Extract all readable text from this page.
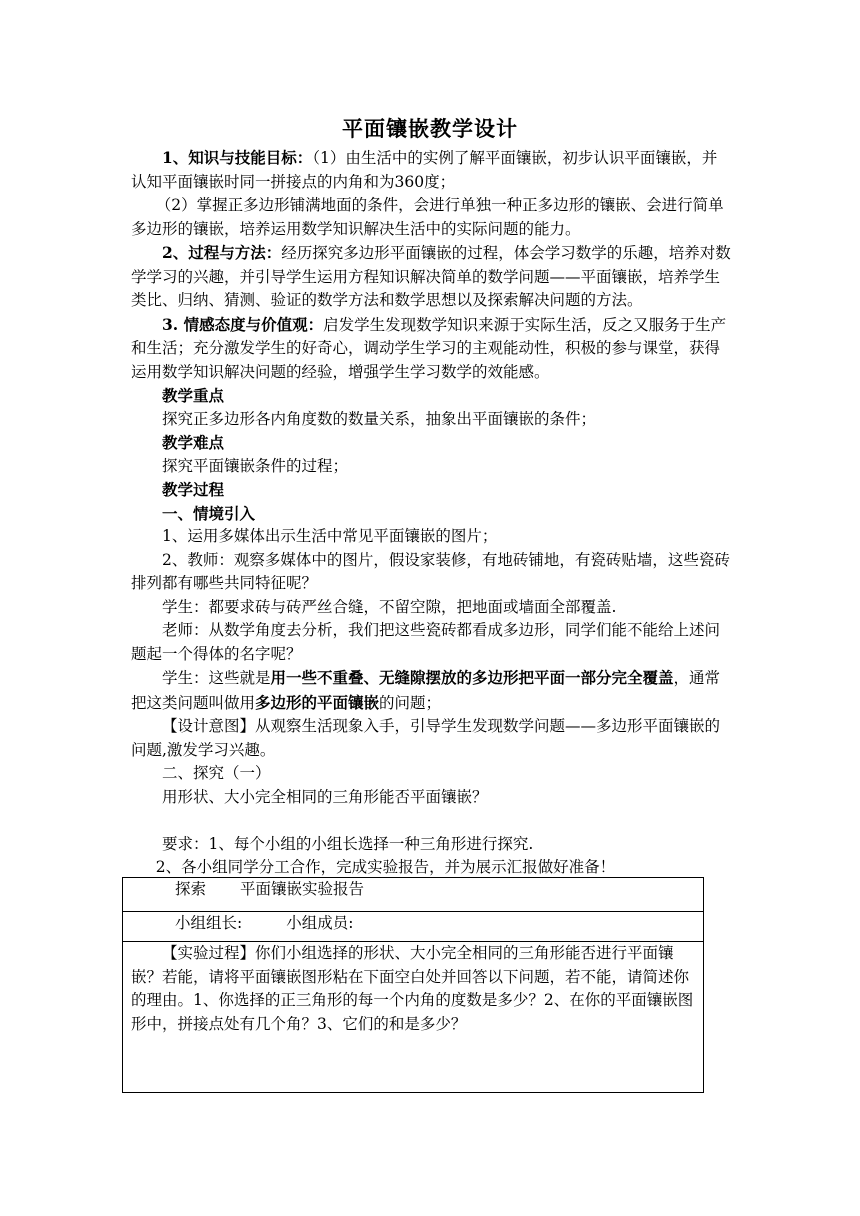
平面镶嵌教学设计

1、知识与技能目标：（1）由生活中的实例了解平面镶嵌，初步认识平面镶嵌，并认知平面镶嵌时同一拼接点的内角和为360度；

（2）掌握正多边形铺满地面的条件，会进行单独一种正多边形的镶嵌、会进行简单多边形的镶嵌，培养运用数学知识解决生活中的实际问题的能力。

2、过程与方法：经历探究多边形平面镶嵌的过程，体会学习数学的乐趣，培养对数学学习的兴趣，并引导学生运用方程知识解决简单的数学问题——平面镶嵌，培养学生类比、归纳、猜测、验证的数学方法和数学思想以及探索解决问题的方法。

3. 情感态度与价值观：启发学生发现数学知识来源于实际生活，反之又服务于生产和生活；充分激发学生的好奇心，调动学生学习的主观能动性，积极的参与课堂，获得运用数学知识解决问题的经验，增强学生学习数学的效能感。

教学重点

探究正多边形各内角度数的数量关系，抽象出平面镶嵌的条件；

教学难点

探究平面镶嵌条件的过程；

教学过程

一、情境引入

1、运用多媒体出示生活中常见平面镶嵌的图片；

2、教师：观察多媒体中的图片，假设家装修，有地砖铺地，有瓷砖贴墙，这些瓷砖排列都有哪些共同特征呢？

学生：都要求砖与砖严丝合缝，不留空隙，把地面或墙面全部覆盖.

老师：从数学角度去分析，我们把这些瓷砖都看成多边形，同学们能不能给上述问题起一个得体的名字呢？

学生：这些就是用一些不重叠、无缝隙摆放的多边形把平面一部分完全覆盖，通常把这类问题叫做用多边形的平面镶嵌的问题；

【设计意图】从观察生活现象入手，引导学生发现数学问题——多边形平面镶嵌的问题,激发学习兴趣。

二、探究（一）

用形状、大小完全相同的三角形能否平面镶嵌？

要求：1、每个小组的小组长选择一种三角形进行探究.

2、各小组同学分工合作，完成实验报告，并为展示汇报做好准备！

探索 平面镶嵌实验报告
小组组长:	小组成员:

【实验过程】你们小组选择的形状、大小完全相同的三角形能否进行平面镶嵌？若能，请将平面镶嵌图形粘在下面空白处并回答以下问题，若不能，请简述你的理由。1、你选择的正三角形的每一个内角的度数是多少？2、在你的平面镶嵌图形中，拼接点处有几个角？3、它们的和是多少？
